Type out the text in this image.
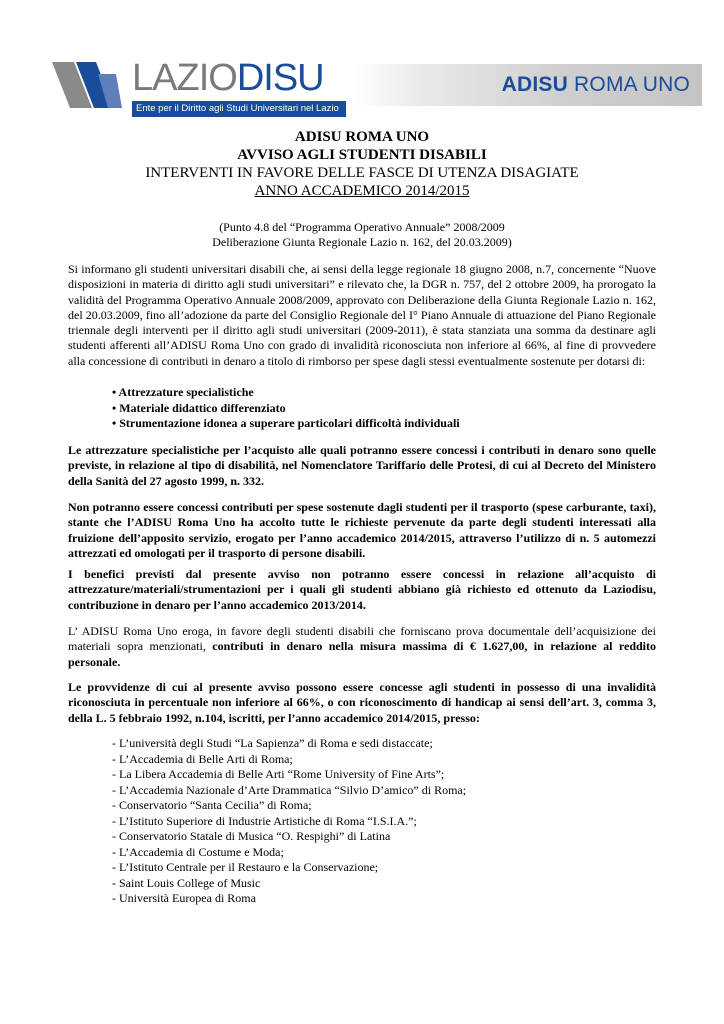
LAZIODISU
Ente per il Diritto agli Studi Universitari nel Lazio
ADISU ROMA UNO
ADISU ROMA UNO
AVVISO AGLI STUDENTI DISABILI
INTERVENTI IN FAVORE DELLE FASCE DI UTENZA DISAGIATE
ANNO ACCADEMICO 2014/2015
(Punto 4.8 del “Programma Operativo Annuale” 2008/2009
Deliberazione Giunta Regionale Lazio n. 162, del 20.03.2009)
Si informano gli studenti universitari disabili che, ai sensi della legge regionale 18 giugno 2008, n.7, concernente “Nuove disposizioni in materia di diritto agli studi universitari” e rilevato che, la DGR n. 757, del 2 ottobre 2009, ha prorogato la validità del Programma Operativo Annuale 2008/2009, approvato con Deliberazione della Giunta Regionale Lazio n. 162, del 20.03.2009, fino all’adozione da parte del Consiglio Regionale del I° Piano Annuale di attuazione del Piano Regionale triennale degli interventi per il diritto agli studi universitari (2009-2011), è stata stanziata una somma da destinare agli studenti afferenti all’ADISU Roma Uno con grado di invalidità riconosciuta non inferiore al 66%, al fine di provvedere alla concessione di contributi in denaro a titolo di rimborso per spese dagli stessi eventualmente sostenute per dotarsi di:
• Attrezzature specialistiche
• Materiale didattico differenziato
• Strumentazione idonea a superare particolari difficoltà individuali
Le attrezzature specialistiche per l’acquisto alle quali potranno essere concessi i contributi in denaro sono quelle previste, in relazione al tipo di disabilità, nel Nomenclatore Tariffario delle Protesi, di cui al Decreto del Ministero della Sanità del 27 agosto 1999, n. 332.
Non potranno essere concessi contributi per spese sostenute dagli studenti per il trasporto (spese carburante, taxi), stante che l’ADISU Roma Uno ha accolto tutte le richieste pervenute da parte degli studenti interessati alla fruizione dell’apposito servizio, erogato per l’anno accademico 2014/2015, attraverso l’utilizzo di n. 5 automezzi attrezzati ed omologati per il trasporto di persone disabili.
I benefici previsti dal presente avviso non potranno essere concessi in relazione all’acquisto di attrezzature/materiali/strumentazioni per i quali gli studenti abbiano già richiesto ed ottenuto da Laziodisu, contribuzione in denaro per l’anno accademico 2013/2014.
L’ ADISU Roma Uno eroga, in favore degli studenti disabili che forniscano prova documentale dell’acquisizione dei materiali sopra menzionati, contributi in denaro nella misura massima di € 1.627,00, in relazione al reddito personale.
Le provvidenze di cui al presente avviso possono essere concesse agli studenti in possesso di una invalidità riconosciuta in percentuale non inferiore al 66%, o con riconoscimento di handicap ai sensi dell’art. 3, comma 3, della L. 5 febbraio 1992, n.104, iscritti, per l’anno accademico 2014/2015, presso:
- L’università degli Studi “La Sapienza” di Roma e sedi distaccate;
- L’Accademia di Belle Arti di Roma;
- La Libera Accademia di Belle Arti “Rome University of Fine Arts”;
- L’Accademia Nazionale d’Arte Drammatica “Silvio D’amico” di Roma;
- Conservatorio “Santa Cecilia” di Roma;
- L’Istituto Superiore di Industrie Artistiche di Roma “I.S.I.A.”;
- Conservatorio Statale di Musica “O. Respighi” di Latina
- L’Accademia di Costume e Moda;
- L’Istituto Centrale per il Restauro e la Conservazione;
- Saint Louis College of Music
- Università Europea di Roma
